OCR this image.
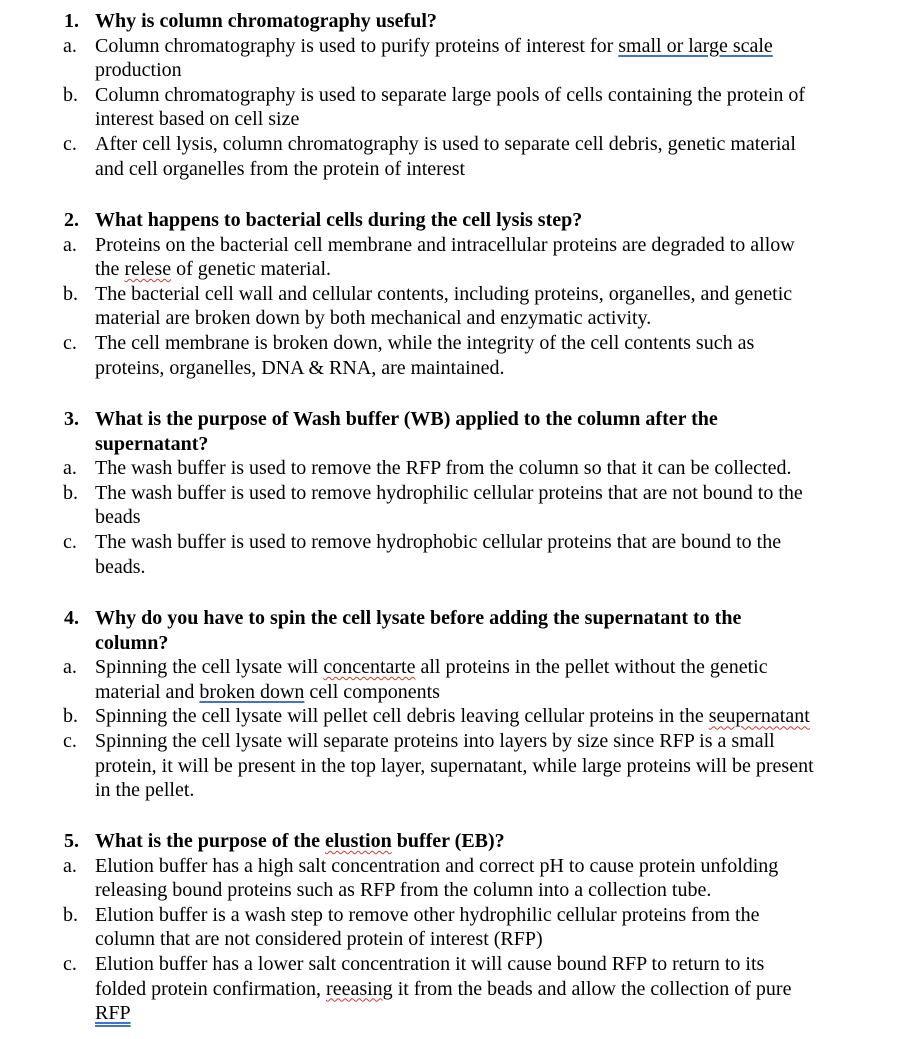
1. Why is column chromatography useful?
a. Column chromatography is used to purify proteins of interest for small or large scale
production
b. Column chromatography is used to separate large pools of cells containing the protein of
interest based on cell size
c. After cell lysis, column chromatography is used to separate cell debris, genetic material
and cell organelles from the protein of interest
2. What happens to bacterial cells during the cell lysis step?
a. Proteins on the bacterial cell membrane and intracellular proteins are degraded to allow
the relese of genetic material.
b. The bacterial cell wall and cellular contents, including proteins, organelles, and genetic
material are broken down by both mechanical and enzymatic activity.
c. The cell membrane is broken down, while the integrity of the cell contents such as
proteins, organelles, DNA & RNA, are maintained.
3. What is the purpose of Wash buffer (WB) applied to the column after the
supernatant?
a. The wash buffer is used to remove the RFP from the column so that it can be collected.
b. The wash buffer is used to remove hydrophilic cellular proteins that are not bound to the
beads
c. The wash buffer is used to remove hydrophobic cellular proteins that are bound to the
beads.
4. Why do you have to spin the cell lysate before adding the supernatant to the
column?
a. Spinning the cell lysate will concentarte all proteins in the pellet without the genetic
material and broken down cell components
b. Spinning the cell lysate will pellet cell debris leaving cellular proteins in the seupernatant
c. Spinning the cell lysate will separate proteins into layers by size since RFP is a small
protein, it will be present in the top layer, supernatant, while large proteins will be present
in the pellet.
5. What is the purpose of the elustion buffer (EB)?
a. Elution buffer has a high salt concentration and correct pH to cause protein unfolding
releasing bound proteins such as RFP from the column into a collection tube.
b. Elution buffer is a wash step to remove other hydrophilic cellular proteins from the
column that are not considered protein of interest (RFP)
c. Elution buffer has a lower salt concentration it will cause bound RFP to return to its
folded protein confirmation, reeasing it from the beads and allow the collection of pure
RFP
